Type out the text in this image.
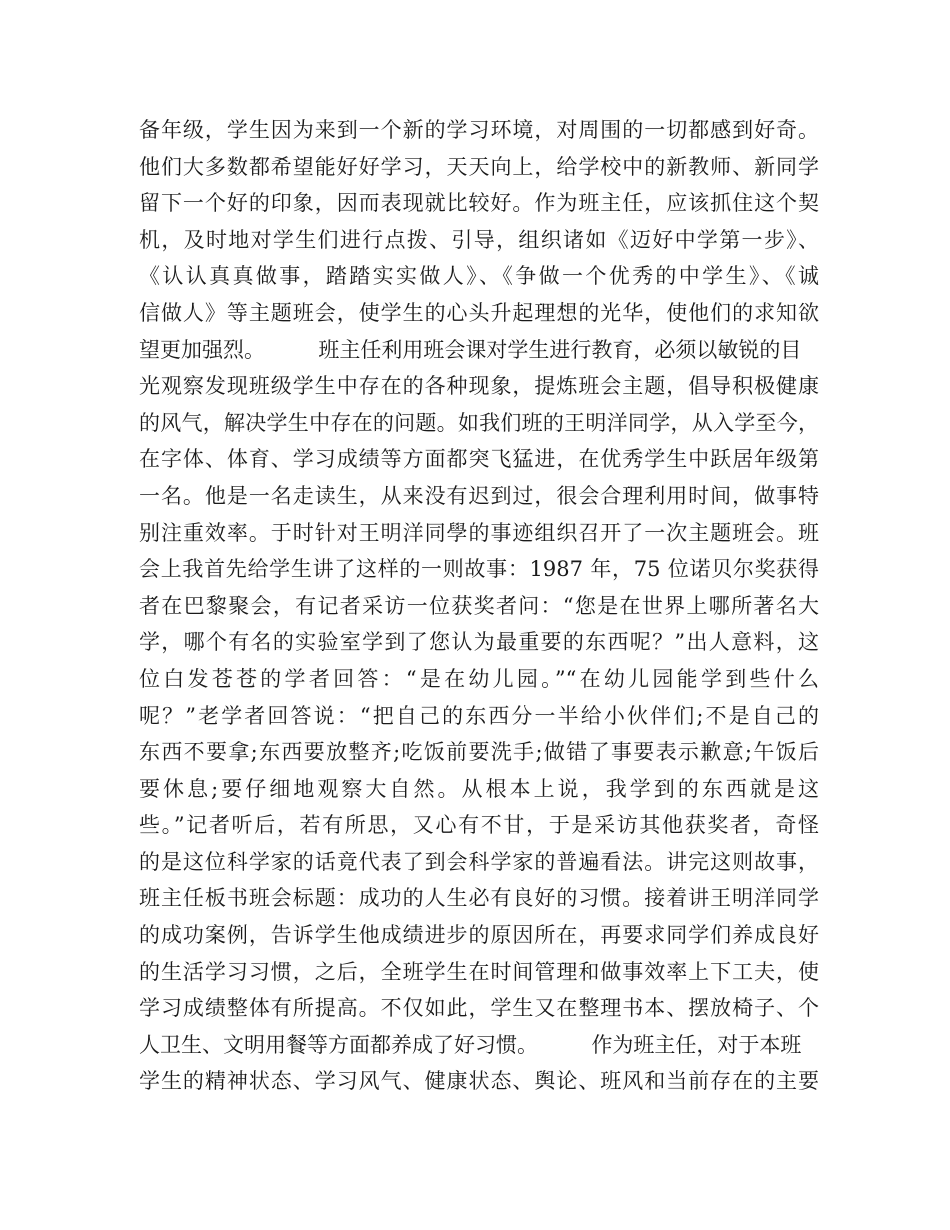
备年级，学生因为来到一个新的学习环境，对周围的一切都感到好奇。
他们大多数都希望能好好学习，天天向上，给学校中的新教师、新同学
留下一个好的印象，因而表现就比较好。作为班主任，应该抓住这个契
机，及时地对学生们进行点拨、引导，组织诸如《迈好中学第一步》、
《认认真真做事，踏踏实实做人》、《争做一个优秀的中学生》、《诚
信做人》等主题班会，使学生的心头升起理想的光华，使他们的求知欲
望更加强烈。        班主任利用班会课对学生进行教育，必须以敏锐的目
光观察发现班级学生中存在的各种现象，提炼班会主题，倡导积极健康
的风气，解决学生中存在的问题。如我们班的王明洋同学，从入学至今，
在字体、体育、学习成绩等方面都突飞猛进，在优秀学生中跃居年级第
一名。他是一名走读生，从来没有迟到过，很会合理利用时间，做事特
别注重效率。于时针对王明洋同學的事迹组织召开了一次主题班会。班
会上我首先给学生讲了这样的一则故事：1987 年，75 位诺贝尔奖获得
者在巴黎聚会，有记者采访一位获奖者问：“您是在世界上哪所著名大
学，哪个有名的实验室学到了您认为最重要的东西呢？”出人意料，这
位白发苍苍的学者回答：“是在幼儿园。”“在幼儿园能学到些什么
呢？”老学者回答说：“把自己的东西分一半给小伙伴们;不是自己的
东西不要拿;东西要放整齐;吃饭前要洗手;做错了事要表示歉意;午饭后
要休息;要仔细地观察大自然。从根本上说，我学到的东西就是这
些。”记者听后，若有所思，又心有不甘，于是采访其他获奖者，奇怪
的是这位科学家的话竟代表了到会科学家的普遍看法。讲完这则故事，
班主任板书班会标题：成功的人生必有良好的习惯。接着讲王明洋同学
的成功案例，告诉学生他成绩进步的原因所在，再要求同学们养成良好
的生活学习习惯，之后，全班学生在时间管理和做事效率上下工夫，使
学习成绩整体有所提高。不仅如此，学生又在整理书本、摆放椅子、个
人卫生、文明用餐等方面都养成了好习惯。        作为班主任，对于本班
学生的精神状态、学习风气、健康状态、舆论、班风和当前存在的主要
